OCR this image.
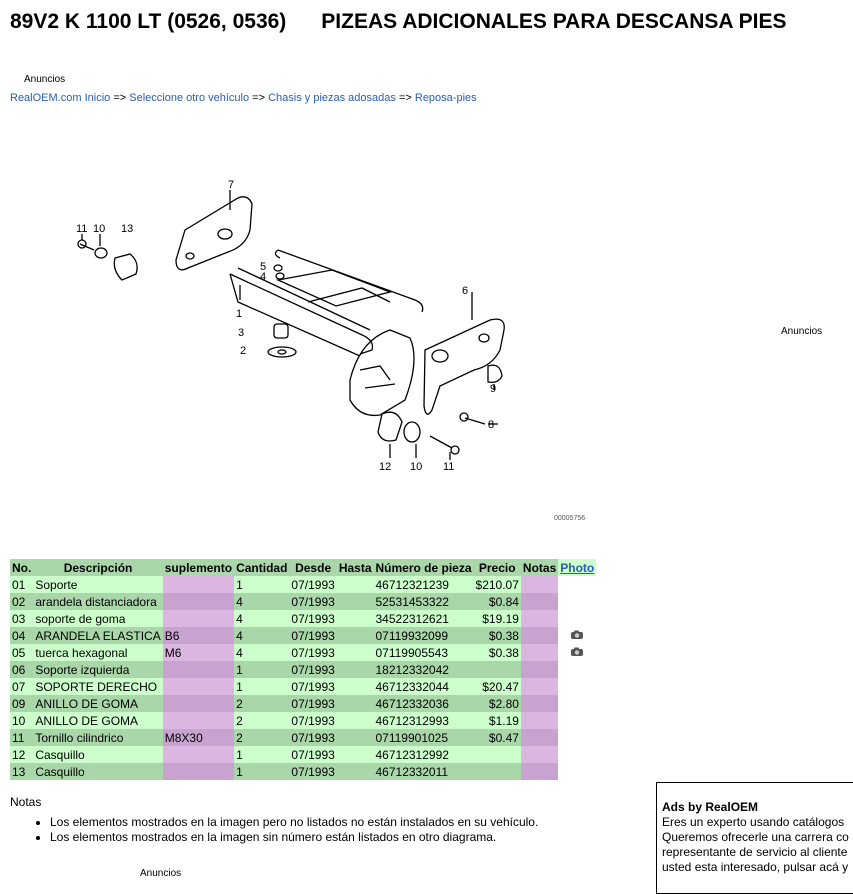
89V2 K 1100 LT (0526, 0536)      PIZEAS ADICIONALES PARA DESCANSA PIES
Anuncios
RealOEM.com Inicio => Seleccione otro vehículo => Chasis y piezas adosadas => Reposa-pies
7
11 10 13
5
4
1
3
2
6
9
8
12 10 11
00005756
Anuncios
No.	Descripción	suplemento	Cantidad	Desde	Hasta	Número de pieza	Precio	Notas	Photo
01	Soporte		1	07/1993		46712321239	$210.07		
02	arandela distanciadora		4	07/1993		52531453322	$0.84		
03	soporte de goma		4	07/1993		34522312621	$19.19		
04	ARANDELA ELASTICA	B6	4	07/1993		07119932099	$0.38		
05	tuerca hexagonal	M6	4	07/1993		07119905543	$0.38		
06	Soporte izquierda		1	07/1993		18212332042			
07	SOPORTE DERECHO		1	07/1993		46712332044	$20.47		
09	ANILLO DE GOMA		2	07/1993		46712332036	$2.80		
10	ANILLO DE GOMA		2	07/1993		46712312993	$1.19		
11	Tornillo cilindrico	M8X30	2	07/1993		07119901025	$0.47		
12	Casquillo		1	07/1993		46712312992			
13	Casquillo		1	07/1993		46712332011			
Notas
• Los elementos mostrados en la imagen pero no listados no están instalados en su vehículo.
• Los elementos mostrados en la imagen sin número están listados en otro diagrama.
Anuncios
Ads by RealOEM
Eres un experto usando catálogos
Queremos ofrecerle una carrera co
representante de servicio al cliente
usted esta interesado, pulsar acá y
